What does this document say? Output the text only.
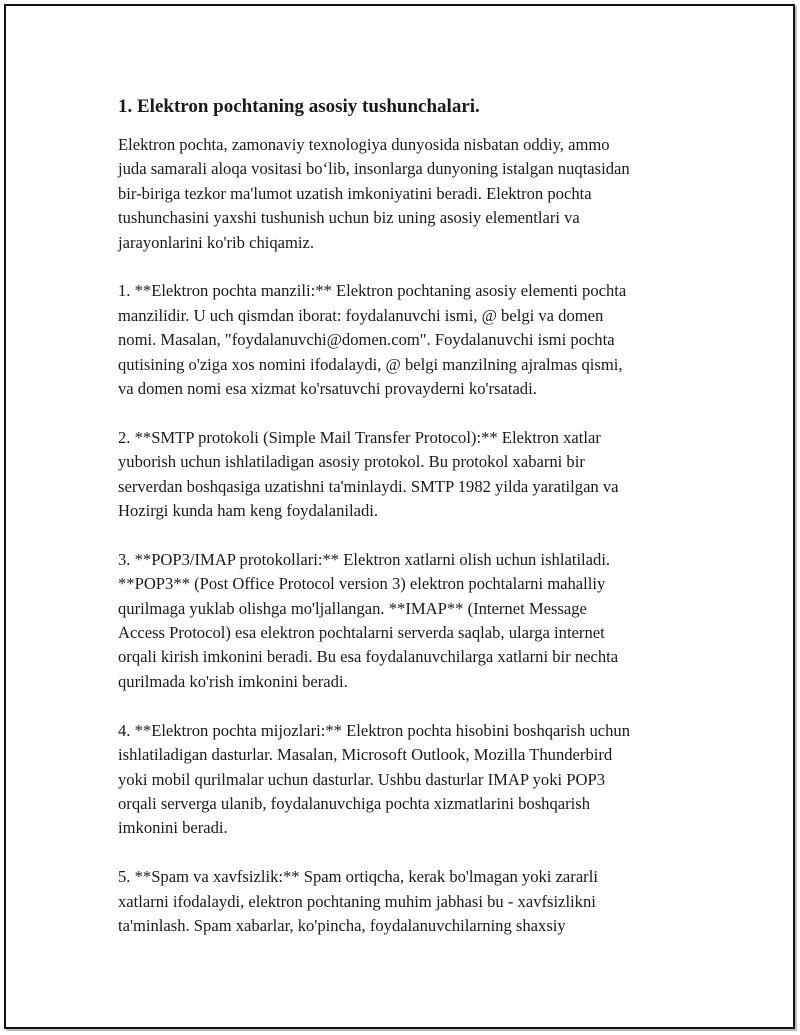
1. Elektron pochtaning asosiy tushunchalari.
Elektron pochta, zamonaviy texnologiya dunyosida nisbatan oddiy, ammo
juda samarali aloqa vositasi bo‘lib, insonlarga dunyoning istalgan nuqtasidan
bir-biriga tezkor ma'lumot uzatish imkoniyatini beradi. Elektron pochta
tushunchasini yaxshi tushunish uchun biz uning asosiy elementlari va
jarayonlarini ko'rib chiqamiz.
1. **Elektron pochta manzili:** Elektron pochtaning asosiy elementi pochta
manzilidir. U uch qismdan iborat: foydalanuvchi ismi, @ belgi va domen
nomi. Masalan, "foydalanuvchi@domen.com". Foydalanuvchi ismi pochta
qutisining o'ziga xos nomini ifodalaydi, @ belgi manzilning ajralmas qismi,
va domen nomi esa xizmat ko'rsatuvchi provayderni ko'rsatadi.
2. **SMTP protokoli (Simple Mail Transfer Protocol):** Elektron xatlar
yuborish uchun ishlatiladigan asosiy protokol. Bu protokol xabarni bir
serverdan boshqasiga uzatishni ta'minlaydi. SMTP 1982 yilda yaratilgan va
Hozirgi kunda ham keng foydalaniladi.
3. **POP3/IMAP protokollari:** Elektron xatlarni olish uchun ishlatiladi.
**POP3** (Post Office Protocol version 3) elektron pochtalarni mahalliy
qurilmaga yuklab olishga mo'ljallangan. **IMAP** (Internet Message
Access Protocol) esa elektron pochtalarni serverda saqlab, ularga internet
orqali kirish imkonini beradi. Bu esa foydalanuvchilarga xatlarni bir nechta
qurilmada ko'rish imkonini beradi.
4. **Elektron pochta mijozlari:** Elektron pochta hisobini boshqarish uchun
ishlatiladigan dasturlar. Masalan, Microsoft Outlook, Mozilla Thunderbird
yoki mobil qurilmalar uchun dasturlar. Ushbu dasturlar IMAP yoki POP3
orqali serverga ulanib, foydalanuvchiga pochta xizmatlarini boshqarish
imkonini beradi.
5. **Spam va xavfsizlik:** Spam ortiqcha, kerak bo'lmagan yoki zararli
xatlarni ifodalaydi, elektron pochtaning muhim jabhasi bu - xavfsizlikni
ta'minlash. Spam xabarlar, ko'pincha, foydalanuvchilarning shaxsiy
